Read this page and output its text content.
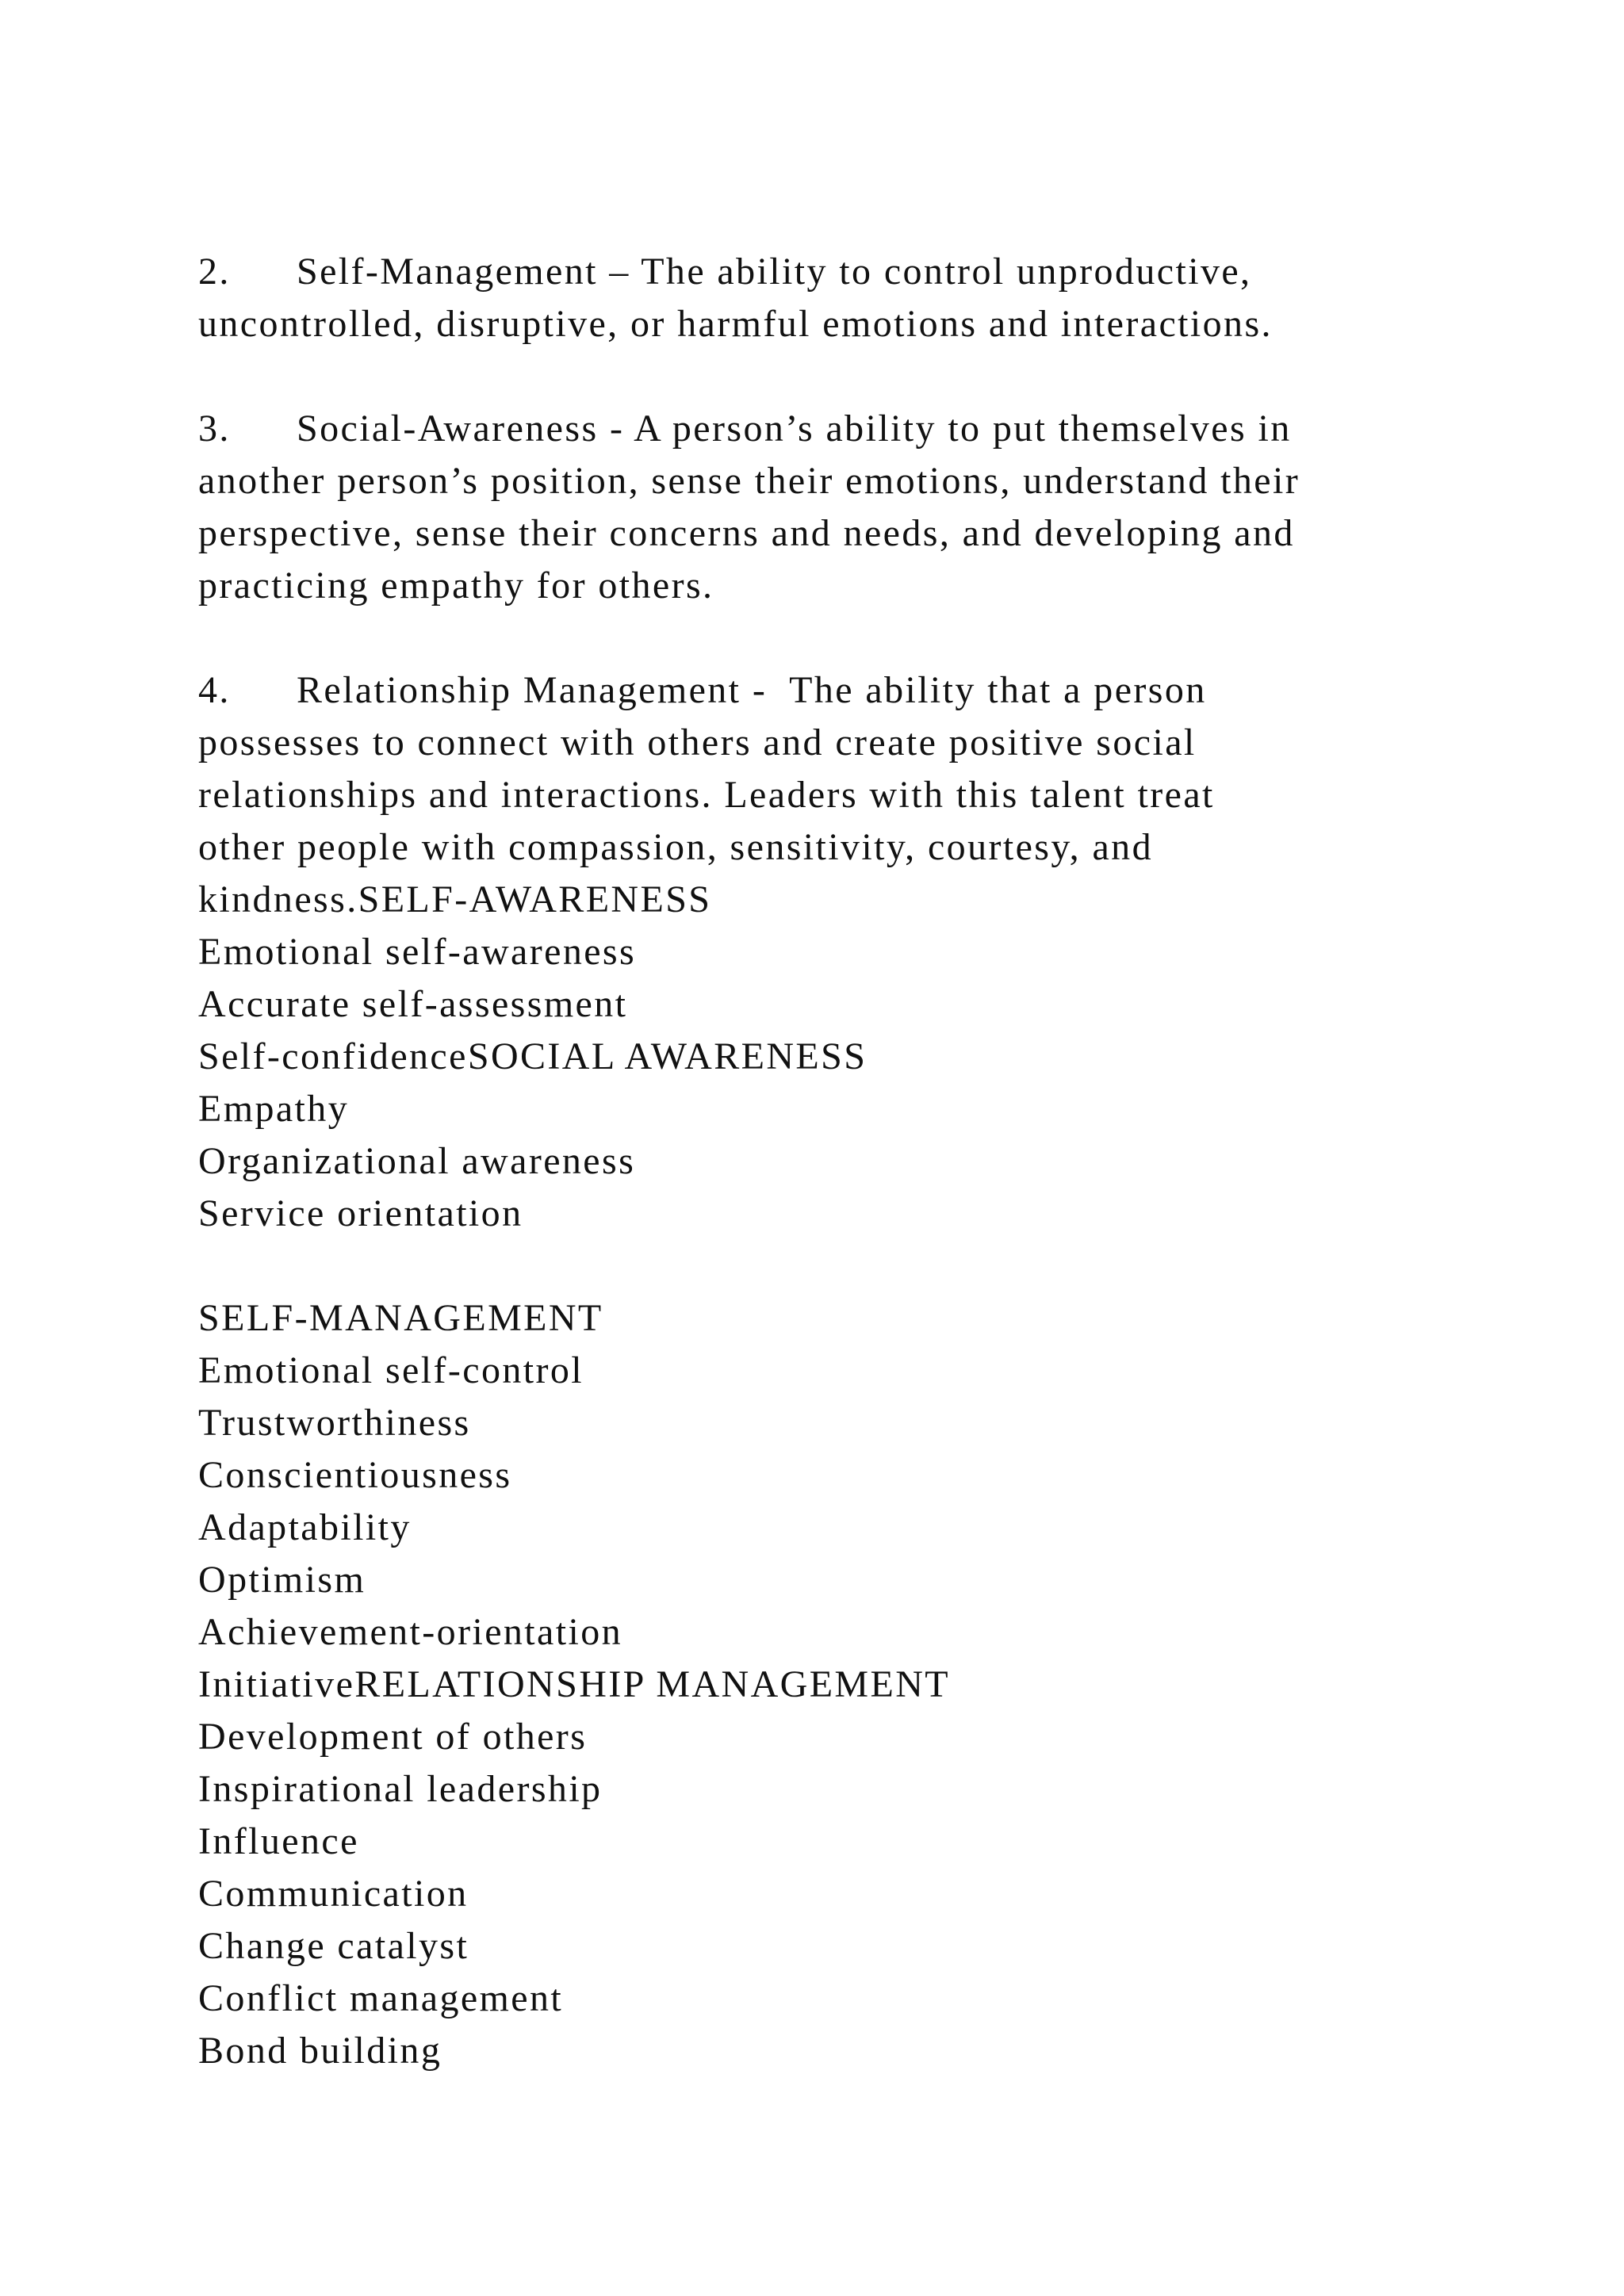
2. Self-Management – The ability to control unproductive,
uncontrolled, disruptive, or harmful emotions and interactions.
3. Social-Awareness - A person’s ability to put themselves in
another person’s position, sense their emotions, understand their
perspective, sense their concerns and needs, and developing and
practicing empathy for others.
4. Relationship Management -  The ability that a person
possesses to connect with others and create positive social
relationships and interactions. Leaders with this talent treat
other people with compassion, sensitivity, courtesy, and
kindness.SELF-AWARENESS
Emotional self-awareness
Accurate self-assessment
Self-confidenceSOCIAL AWARENESS
Empathy
Organizational awareness
Service orientation
SELF-MANAGEMENT
Emotional self-control
Trustworthiness
Conscientiousness
Adaptability
Optimism
Achievement-orientation
InitiativeRELATIONSHIP MANAGEMENT
Development of others
Inspirational leadership
Influence
Communication
Change catalyst
Conflict management
Bond building
